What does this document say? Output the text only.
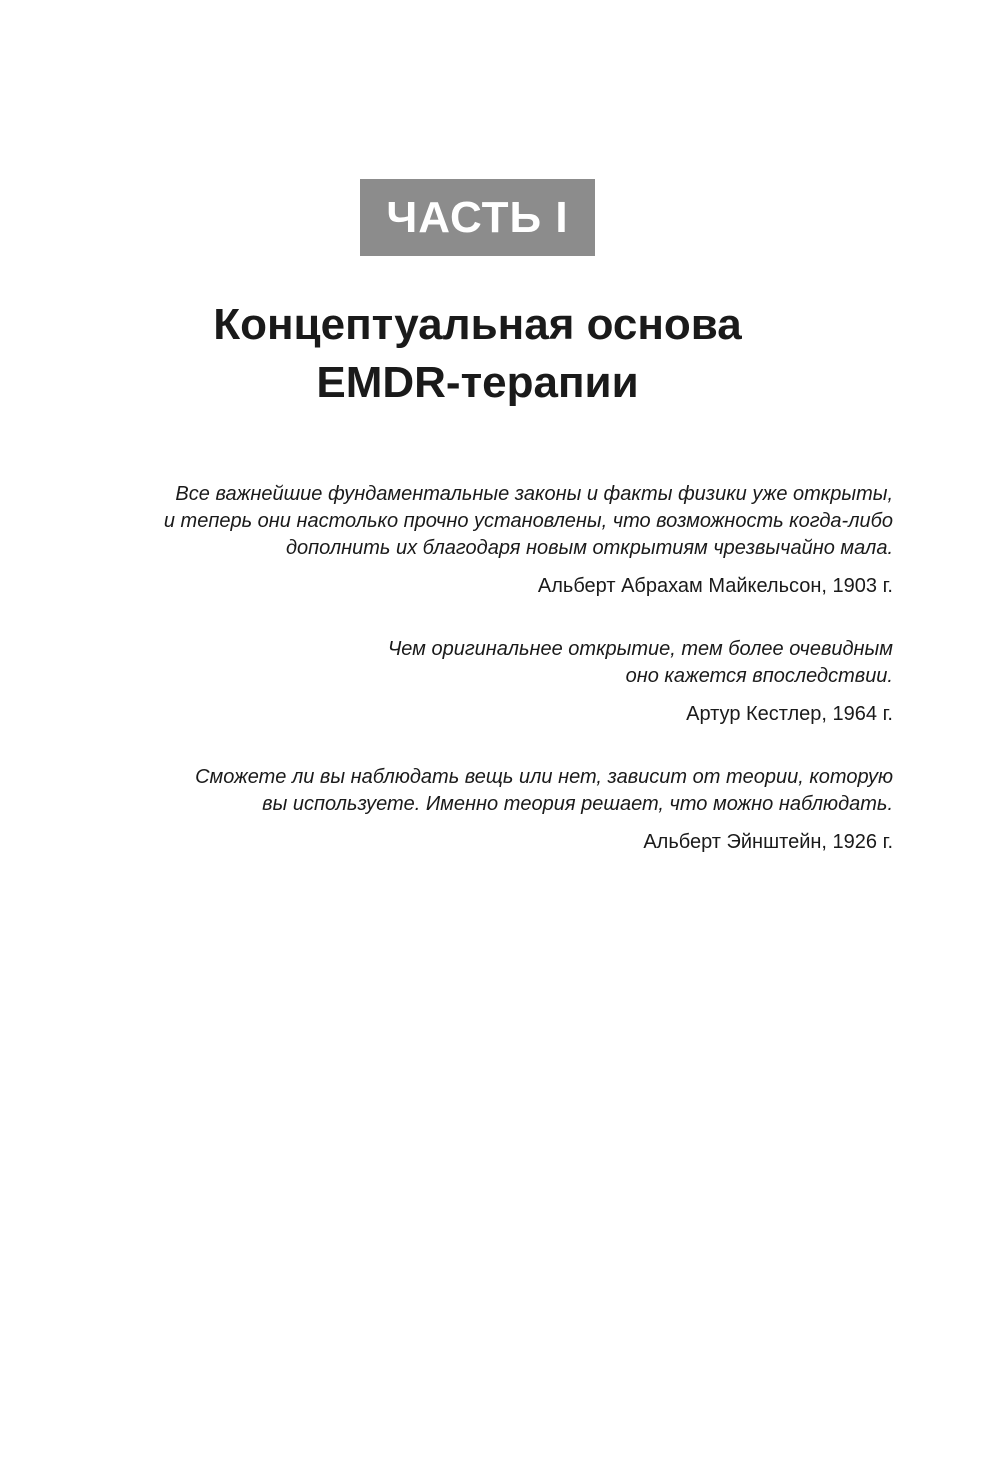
ЧАСТЬ I
Концептуальная основа
EMDR-терапии
Все важнейшие фундаментальные законы и факты физики уже открыты,
и теперь они настолько прочно установлены, что возможность когда-либо
дополнить их благодаря новым открытиям чрезвычайно мала.
Альберт Абрахам Майкельсон, 1903 г.
Чем оригинальнее открытие, тем более очевидным
оно кажется впоследствии.
Артур Кестлер, 1964 г.
Сможете ли вы наблюдать вещь или нет, зависит от теории, которую
вы используете. Именно теория решает, что можно наблюдать.
Альберт Эйнштейн, 1926 г.
